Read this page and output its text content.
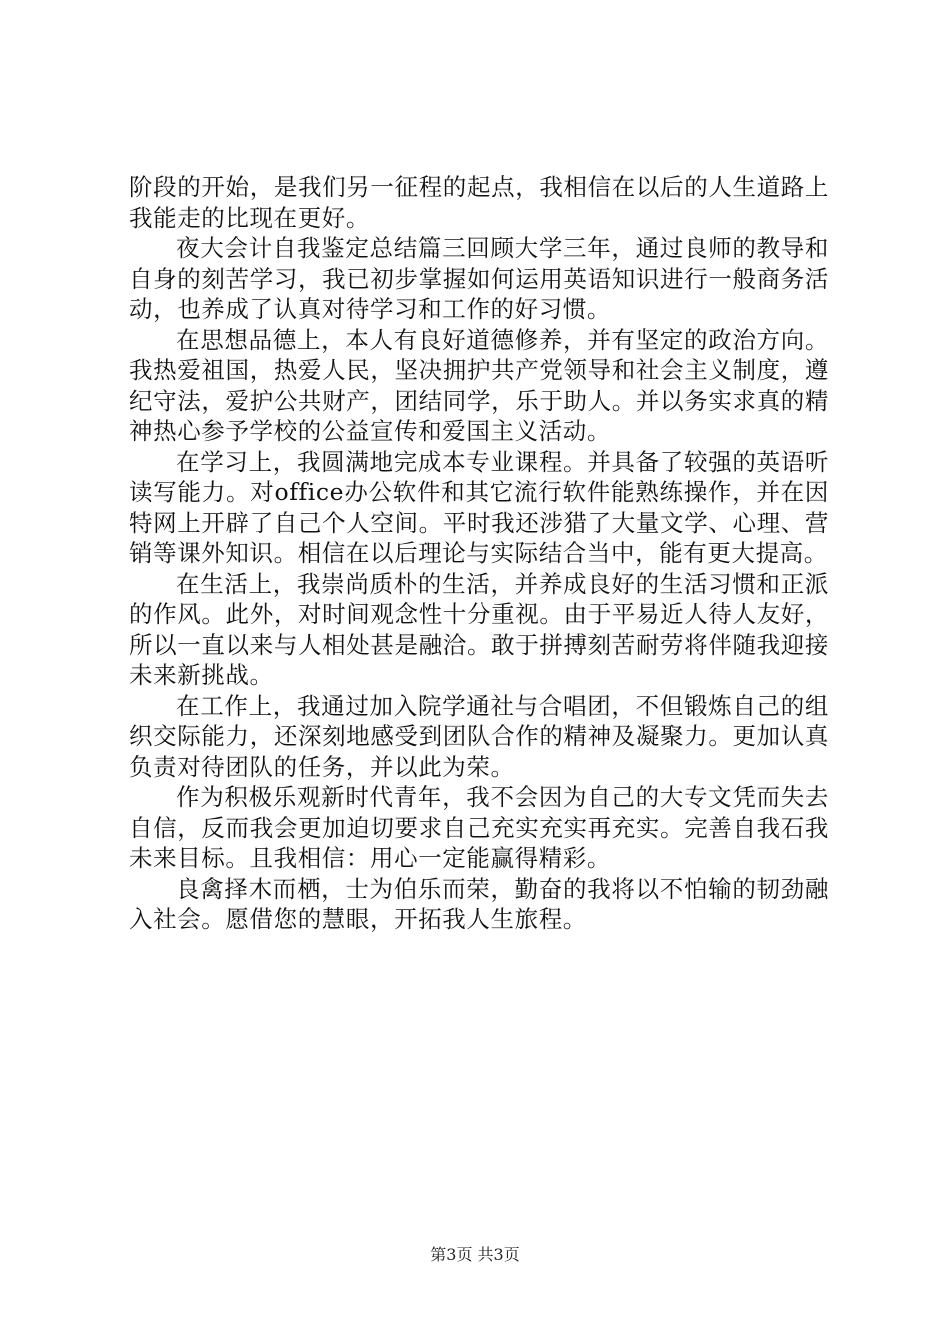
阶段的开始，是我们另一征程的起点，我相信在以后的人生道路上我能走的比现在更好。

夜大会计自我鉴定总结篇三回顾大学三年，通过良师的教导和自身的刻苦学习，我已初步掌握如何运用英语知识进行一般商务活动，也养成了认真对待学习和工作的好习惯。

在思想品德上，本人有良好道德修养，并有坚定的政治方向。我热爱祖国，热爱人民，坚决拥护共产党领导和社会主义制度，遵纪守法，爱护公共财产，团结同学，乐于助人。并以务实求真的精神热心参予学校的公益宣传和爱国主义活动。

在学习上，我圆满地完成本专业课程。并具备了较强的英语听读写能力。对office办公软件和其它流行软件能熟练操作，并在因特网上开辟了自己个人空间。平时我还涉猎了大量文学、心理、营销等课外知识。相信在以后理论与实际结合当中，能有更大提高。

在生活上，我崇尚质朴的生活，并养成良好的生活习惯和正派的作风。此外，对时间观念性十分重视。由于平易近人待人友好，所以一直以来与人相处甚是融洽。敢于拼搏刻苦耐劳将伴随我迎接未来新挑战。

在工作上，我通过加入院学通社与合唱团，不但锻炼自己的组织交际能力，还深刻地感受到团队合作的精神及凝聚力。更加认真负责对待团队的任务，并以此为荣。

作为积极乐观新时代青年，我不会因为自己的大专文凭而失去自信，反而我会更加迫切要求自己充实充实再充实。完善自我石我未来目标。且我相信：用心一定能赢得精彩。

良禽择木而栖，士为伯乐而荣，勤奋的我将以不怕输的韧劲融入社会。愿借您的慧眼，开拓我人生旅程。

第3页 共3页
